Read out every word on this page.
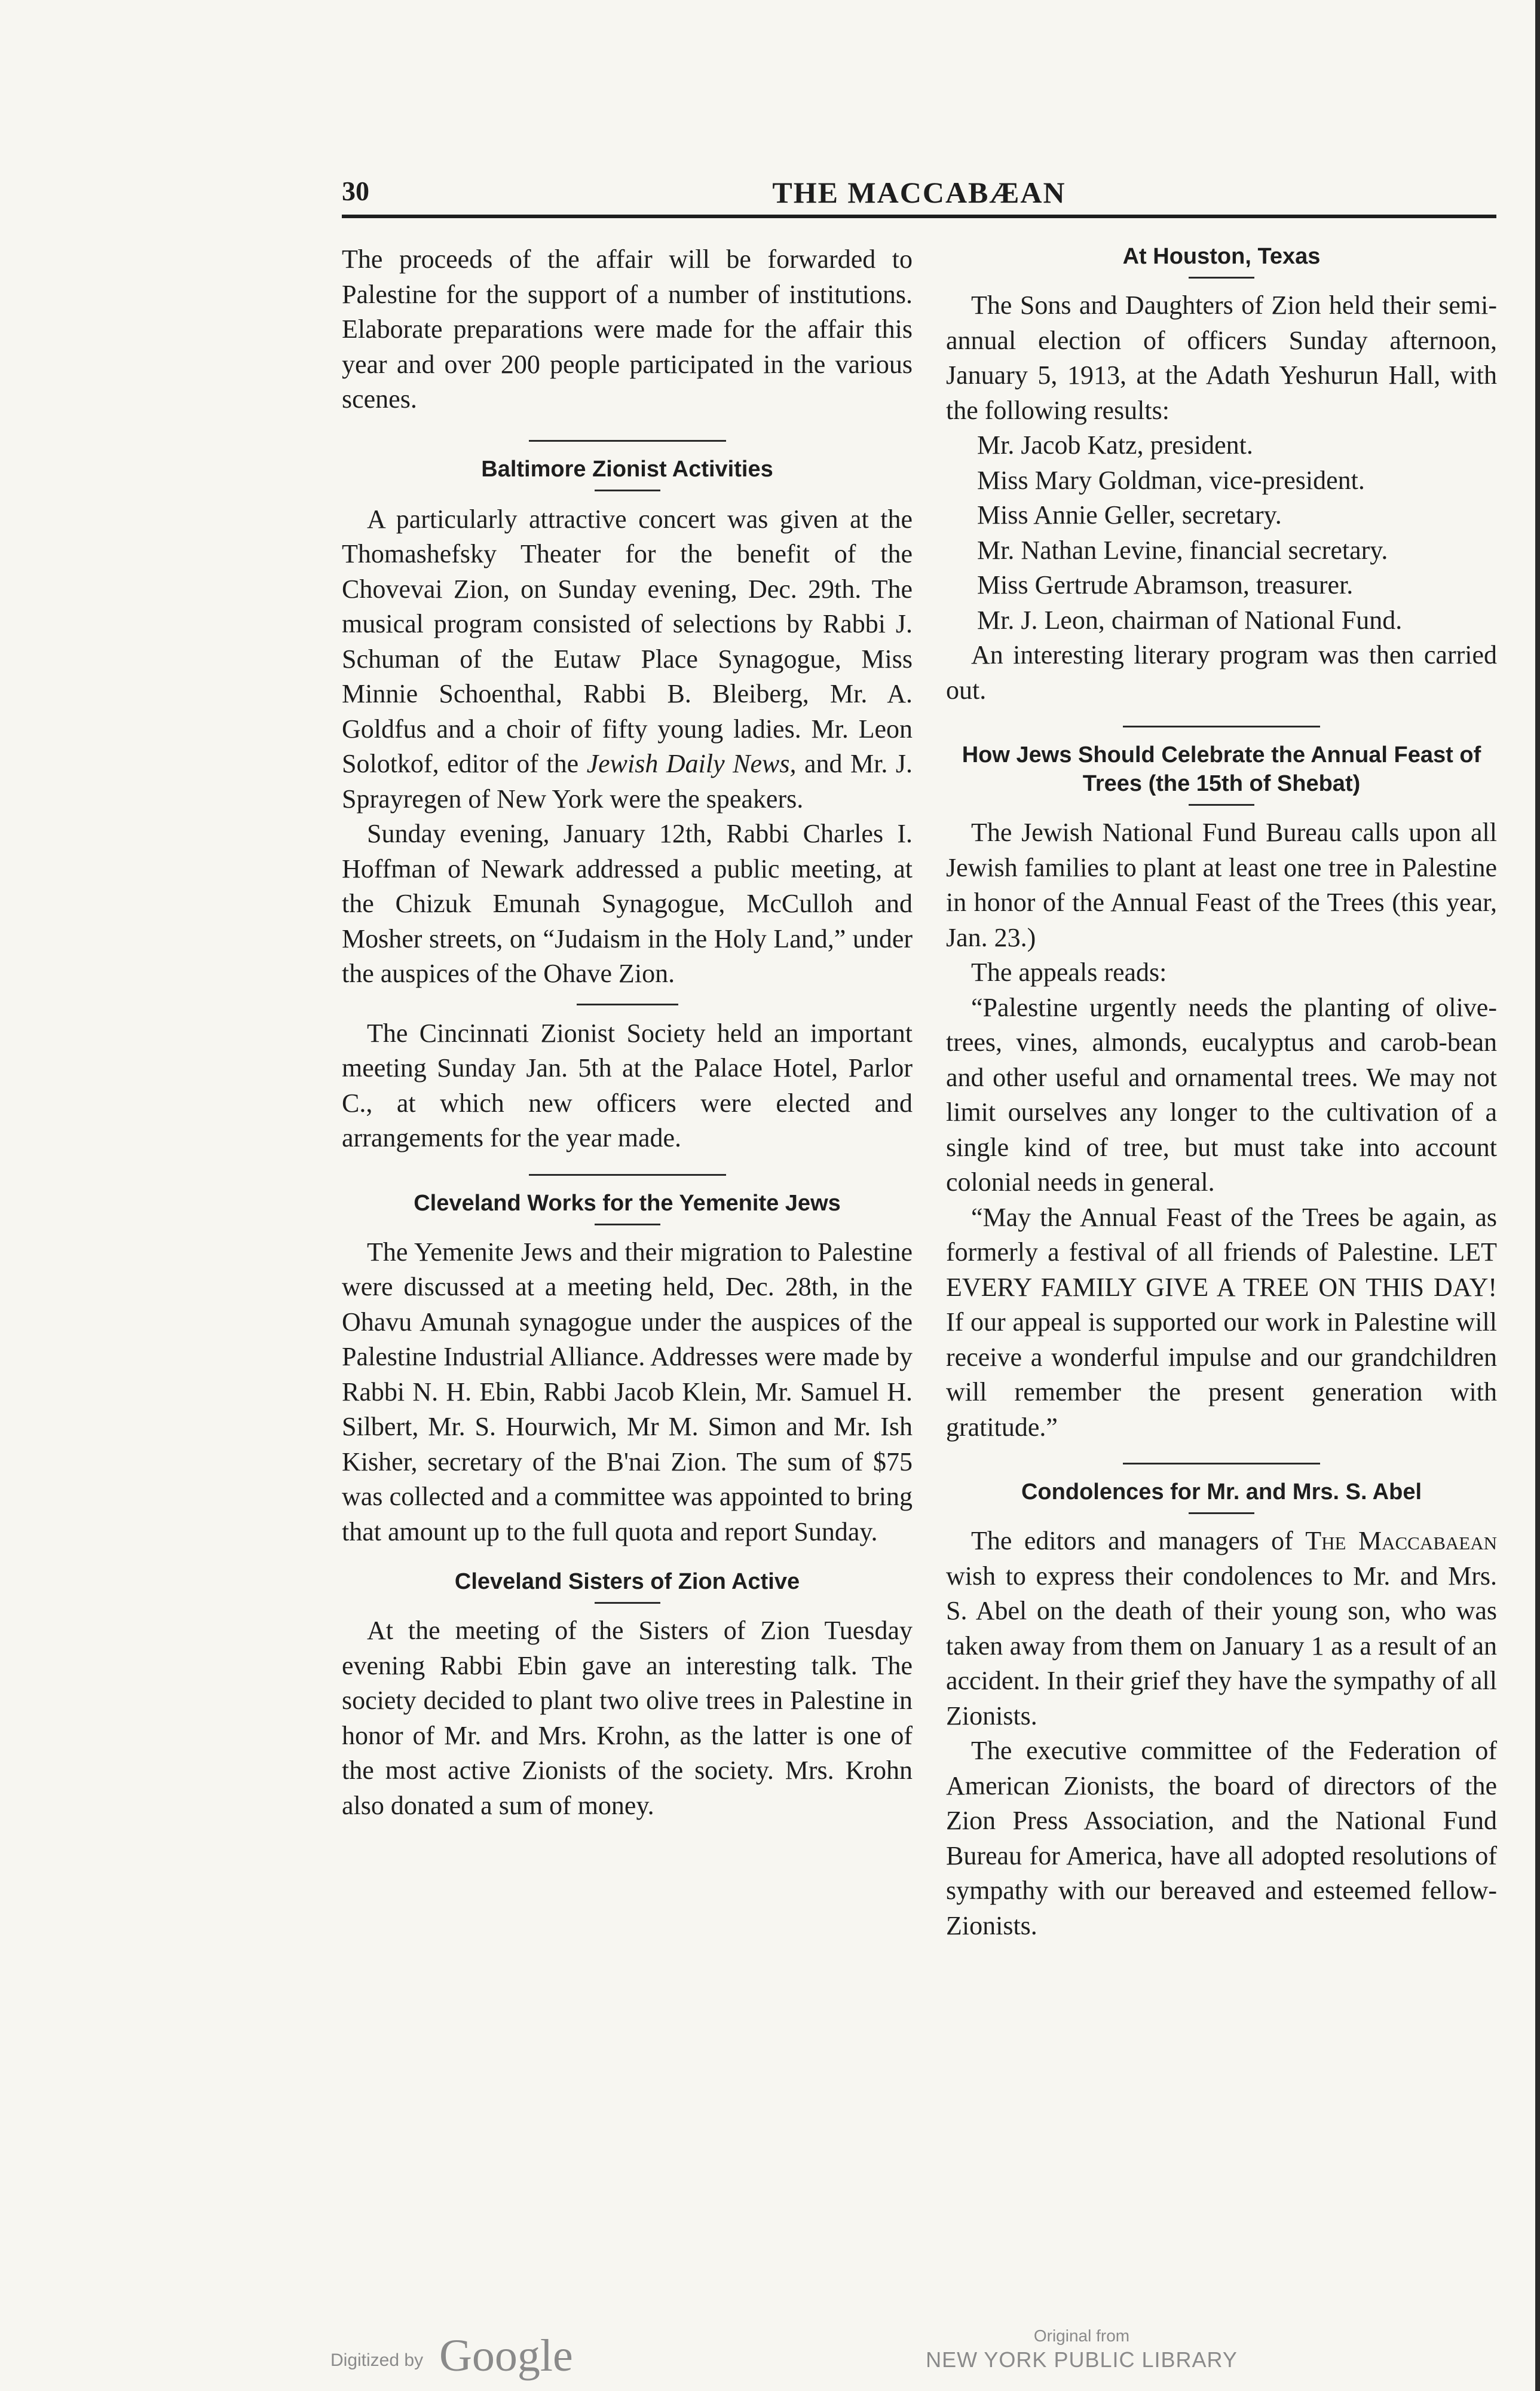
30	THE MACCABÆAN

The proceeds of the affair will be forwarded to Palestine for the support of a number of institutions. Elaborate preparations were made for the affair this year and over 200 people participated in the various scenes.

Baltimore Zionist Activities

A particularly attractive concert was given at the Thomashefsky Theater for the benefit of the Chovevai Zion, on Sunday evening, Dec. 29th. The musical program consisted of selections by Rabbi J. Schuman of the Eutaw Place Synagogue, Miss Minnie Schoenthal, Rabbi B. Bleiberg, Mr. A. Goldfus and a choir of fifty young ladies. Mr. Leon Solotkof, editor of the Jewish Daily News, and Mr. J. Sprayregen of New York were the speakers.

Sunday evening, January 12th, Rabbi Charles I. Hoffman of Newark addressed a public meeting, at the Chizuk Emunah Synagogue, McCulloh and Mosher streets, on “Judaism in the Holy Land,” under the auspices of the Ohave Zion.

The Cincinnati Zionist Society held an important meeting Sunday Jan. 5th at the Palace Hotel, Parlor C., at which new officers were elected and arrangements for the year made.

Cleveland Works for the Yemenite Jews

The Yemenite Jews and their migration to Palestine were discussed at a meeting held, Dec. 28th, in the Ohavu Amunah synagogue under the auspices of the Palestine Industrial Alliance. Addresses were made by Rabbi N. H. Ebin, Rabbi Jacob Klein, Mr. Samuel H. Silbert, Mr. S. Hourwich, Mr M. Simon and Mr. Ish Kisher, secretary of the B'nai Zion. The sum of $75 was collected and a committee was appointed to bring that amount up to the full quota and report Sunday.

Cleveland Sisters of Zion Active

At the meeting of the Sisters of Zion Tuesday evening Rabbi Ebin gave an interesting talk. The society decided to plant two olive trees in Palestine in honor of Mr. and Mrs. Krohn, as the latter is one of the most active Zionists of the society. Mrs. Krohn also donated a sum of money.

At Houston, Texas

The Sons and Daughters of Zion held their semi-annual election of officers Sunday afternoon, January 5, 1913, at the Adath Yeshurun Hall, with the following results:

Mr. Jacob Katz, president.

Miss Mary Goldman, vice-president.

Miss Annie Geller, secretary.

Mr. Nathan Levine, financial secretary.

Miss Gertrude Abramson, treasurer.

Mr. J. Leon, chairman of National Fund.

An interesting literary program was then carried out.

How Jews Should Celebrate the Annual Feast of Trees (the 15th of Shebat)

The Jewish National Fund Bureau calls upon all Jewish families to plant at least one tree in Palestine in honor of the Annual Feast of the Trees (this year, Jan. 23.)

The appeals reads:

“Palestine urgently needs the planting of olive-trees, vines, almonds, eucalyptus and carob-bean and other useful and ornamental trees. We may not limit ourselves any longer to the cultivation of a single kind of tree, but must take into account colonial needs in general.

“May the Annual Feast of the Trees be again, as formerly a festival of all friends of Palestine. LET EVERY FAMILY GIVE A TREE ON THIS DAY! If our appeal is supported our work in Palestine will receive a wonderful impulse and our grandchildren will remember the present generation with gratitude.”

Condolences for Mr. and Mrs. S. Abel

The editors and managers of The Maccabaean wish to express their condolences to Mr. and Mrs. S. Abel on the death of their young son, who was taken away from them on January 1 as a result of an accident. In their grief they have the sympathy of all Zionists.

The executive committee of the Federation of American Zionists, the board of directors of the Zion Press Association, and the National Fund Bureau for America, have all adopted resolutions of sympathy with our bereaved and esteemed fellow-Zionists.

Digitized by Google	Original from
NEW YORK PUBLIC LIBRARY
